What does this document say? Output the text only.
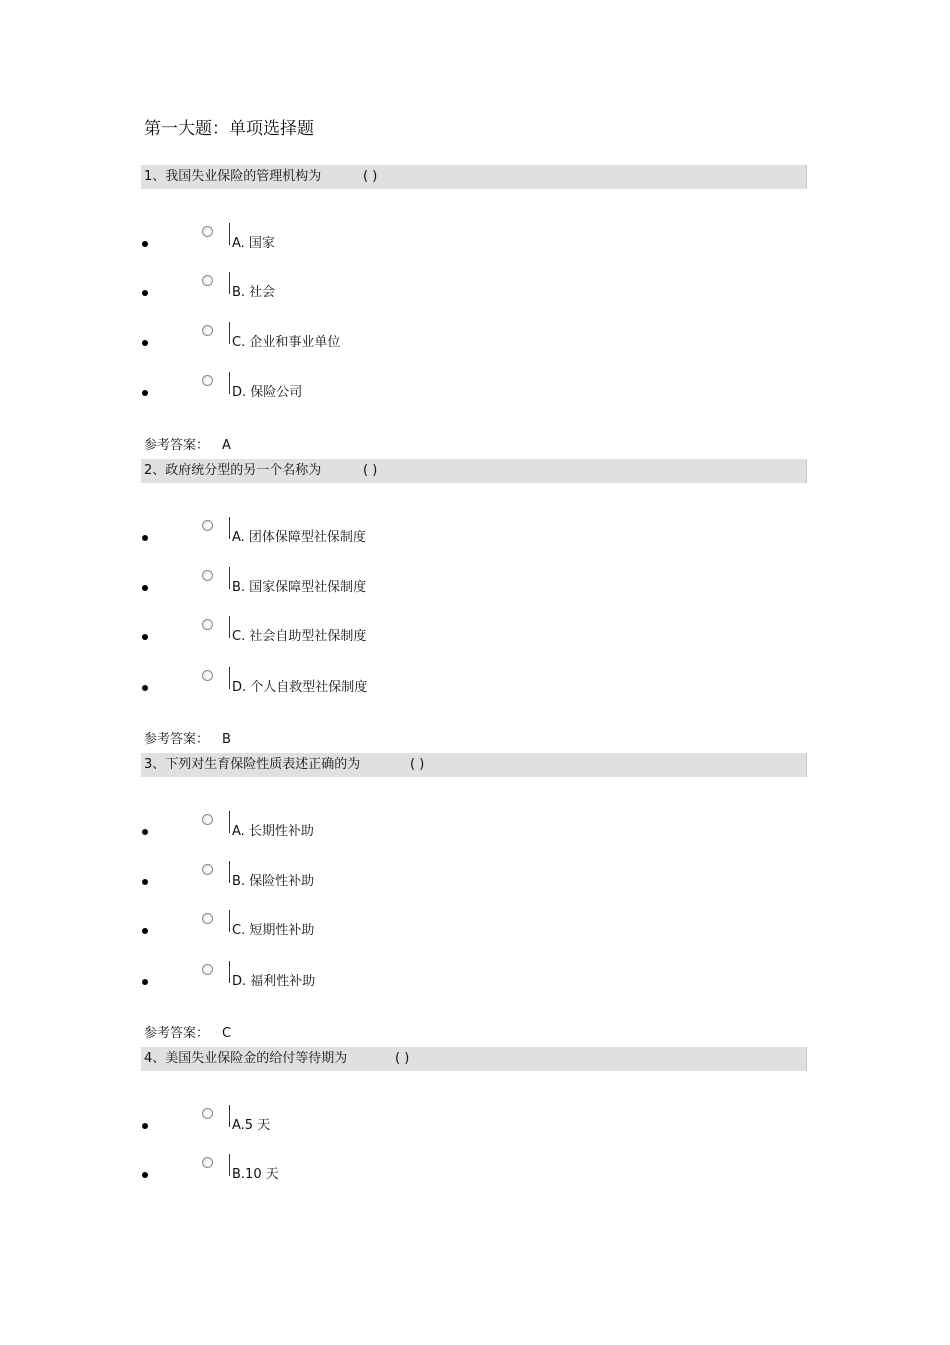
第一大题：单项选择题
1、我国失业保险的管理机构为	( )
A. 国家
B. 社会
C. 企业和事业单位
D. 保险公司
参考答案： A
2、政府统分型的另一个名称为	( )
A. 团体保障型社保制度
B. 国家保障型社保制度
C. 社会自助型社保制度
D. 个人自救型社保制度
参考答案： B
3、下列对生育保险性质表述正确的为	( )
A. 长期性补助
B. 保险性补助
C. 短期性补助
D. 福利性补助
参考答案： C
4、美国失业保险金的给付等待期为	( )
A.5 天
B.10 天
